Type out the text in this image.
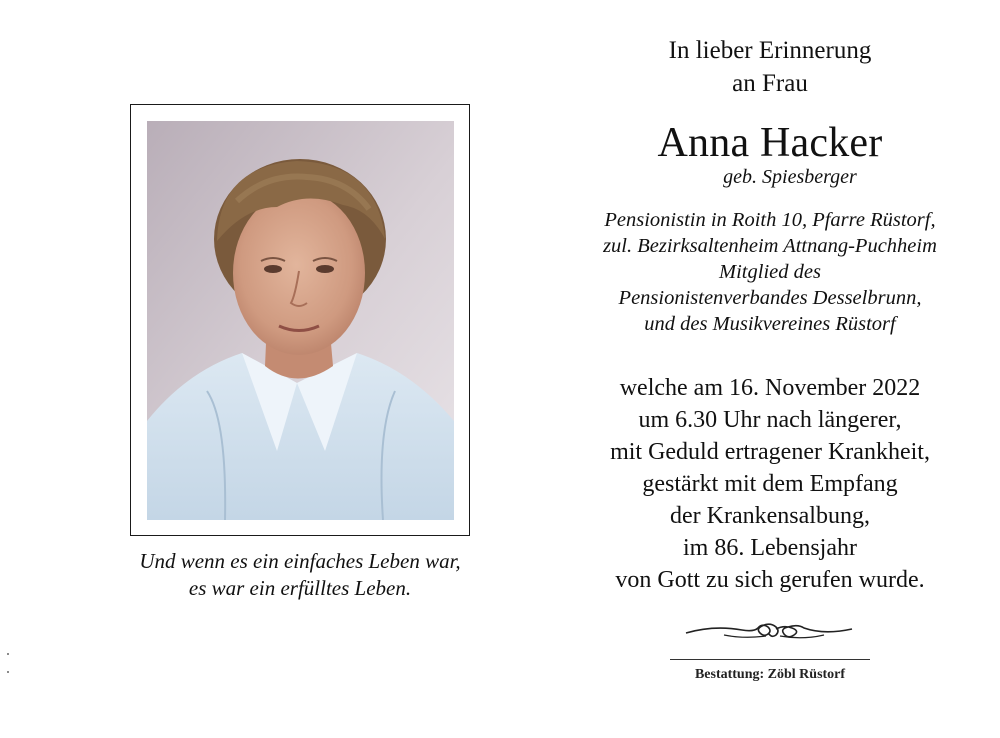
Und wenn es ein einfaches Leben war,
es war ein erfülltes Leben.
In lieber Erinnerung
an Frau
Anna Hacker
geb. Spiesberger
Pensionistin in Roith 10, Pfarre Rüstorf,
zul. Bezirksaltenheim Attnang-Puchheim
Mitglied des
Pensionistenverbandes Desselbrunn,
und des Musikvereines Rüstorf
welche am 16. November 2022
um 6.30 Uhr nach längerer,
mit Geduld ertragener Krankheit,
gestärkt mit dem Empfang
der Krankensalbung,
im 86. Lebensjahr
von Gott zu sich gerufen wurde.
Bestattung: Zöbl Rüstorf
